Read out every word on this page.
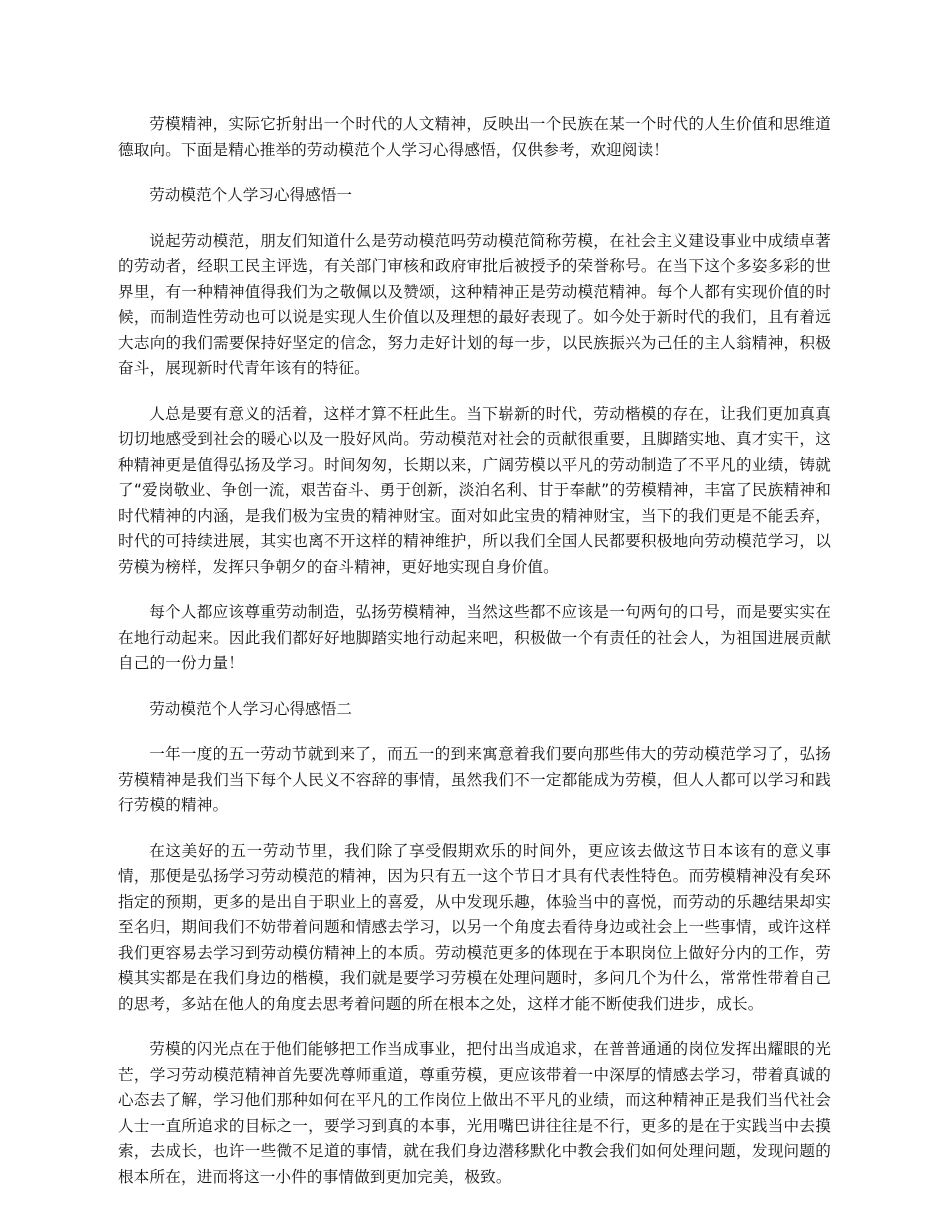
劳模精神，实际它折射出一个时代的人文精神，反映出一个民族在某一个时代的人生价值和思维道德取向。下面是精心推举的劳动模范个人学习心得感悟，仅供参考，欢迎阅读！

劳动模范个人学习心得感悟一

说起劳动模范，朋友们知道什么是劳动模范吗劳动模范简称劳模，在社会主义建设事业中成绩卓著的劳动者，经职工民主评选，有关部门审核和政府审批后被授予的荣誉称号。在当下这个多姿多彩的世界里，有一种精神值得我们为之敬佩以及赞颂，这种精神正是劳动模范精神。每个人都有实现价值的时候，而制造性劳动也可以说是实现人生价值以及理想的最好表现了。如今处于新时代的我们，且有着远大志向的我们需要保持好坚定的信念，努力走好计划的每一步，以民族振兴为己任的主人翁精神，积极奋斗，展现新时代青年该有的特征。

人总是要有意义的活着，这样才算不枉此生。当下崭新的时代，劳动楷模的存在，让我们更加真真切切地感受到社会的暖心以及一股好风尚。劳动模范对社会的贡献很重要，且脚踏实地、真才实干，这种精神更是值得弘扬及学习。时间匆匆，长期以来，广阔劳模以平凡的劳动制造了不平凡的业绩，铸就了“爱岗敬业、争创一流，艰苦奋斗、勇于创新，淡泊名利、甘于奉献”的劳模精神，丰富了民族精神和时代精神的内涵，是我们极为宝贵的精神财宝。面对如此宝贵的精神财宝，当下的我们更是不能丢弃，时代的可持续进展，其实也离不开这样的精神维护，所以我们全国人民都要积极地向劳动模范学习，以劳模为榜样，发挥只争朝夕的奋斗精神，更好地实现自身价值。

每个人都应该尊重劳动制造，弘扬劳模精神，当然这些都不应该是一句两句的口号，而是要实实在在地行动起来。因此我们都好好地脚踏实地行动起来吧，积极做一个有责任的社会人，为祖国进展贡献自己的一份力量！

劳动模范个人学习心得感悟二

一年一度的五一劳动节就到来了，而五一的到来寓意着我们要向那些伟大的劳动模范学习了，弘扬劳模精神是我们当下每个人民义不容辞的事情，虽然我们不一定都能成为劳模，但人人都可以学习和践行劳模的精神。

在这美好的五一劳动节里，我们除了享受假期欢乐的时间外，更应该去做这节日本该有的意义事情，那便是弘扬学习劳动模范的精神，因为只有五一这个节日才具有代表性特色。而劳模精神没有矣环指定的预期，更多的是出自于职业上的喜爱，从中发现乐趣，体验当中的喜悦，而劳动的乐趣结果却实至名归，期间我们不妨带着问题和情感去学习，以另一个角度去看待身边或社会上一些事情，或许这样我们更容易去学习到劳动模仿精神上的本质。劳动模范更多的体现在于本职岗位上做好分内的工作，劳模其实都是在我们身边的楷模，我们就是要学习劳模在处理问题时，多问几个为什么，常常性带着自己的思考，多站在他人的角度去思考着问题的所在根本之处，这样才能不断使我们进步，成长。

劳模的闪光点在于他们能够把工作当成事业，把付出当成追求，在普普通通的岗位发挥出耀眼的光芒，学习劳动模范精神首先要冼尊师重道，尊重劳模，更应该带着一中深厚的情感去学习，带着真诚的心态去了解，学习他们那种如何在平凡的工作岗位上做出不平凡的业绩，而这种精神正是我们当代社会人士一直所追求的目标之一，要学习到真的本事，光用嘴巴讲往往是不行，更多的是在于实践当中去摸索，去成长，也许一些微不足道的事情，就在我们身边潜移默化中教会我们如何处理问题，发现问题的根本所在，进而将这一小件的事情做到更加完美，极致。
